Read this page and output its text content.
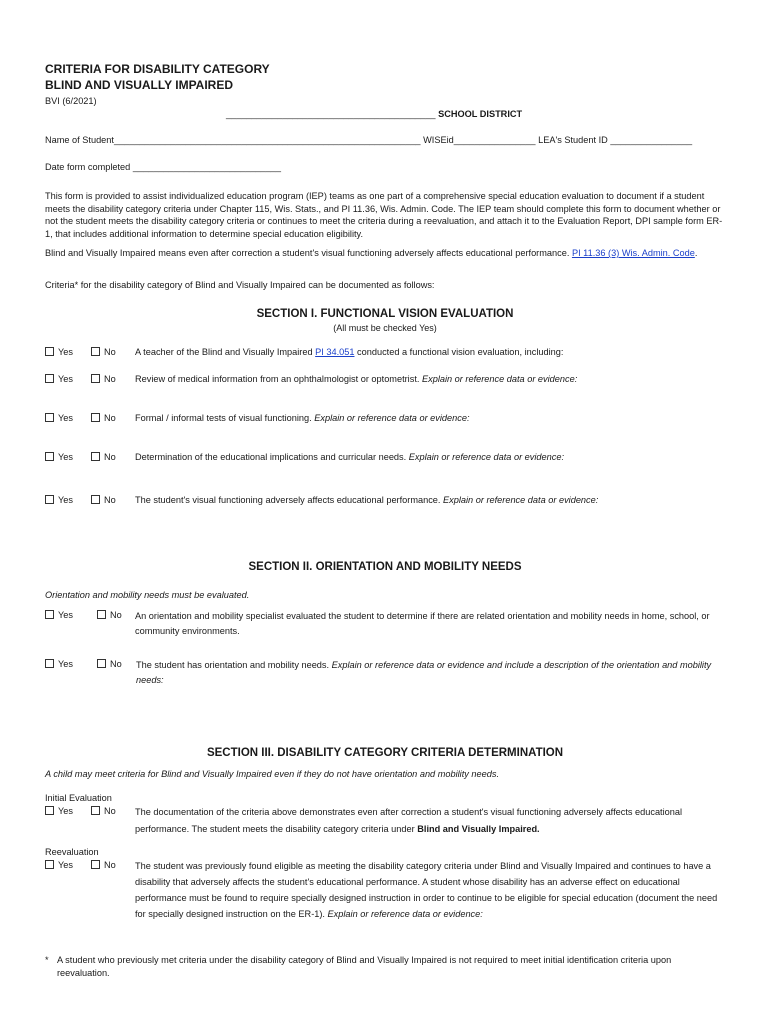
CRITERIA FOR DISABILITY CATEGORY
BLIND AND VISUALLY IMPAIRED
BVI (6/2021)
_________________________________________ SCHOOL DISTRICT
Name of Student____________________________________________________________ WISEid________________ LEA's Student ID ________________
Date form completed _____________________________
This form is provided to assist individualized education program (IEP) teams as one part of a comprehensive special education evaluation to document if a student meets the disability category criteria under Chapter 115, Wis. Stats., and PI 11.36, Wis. Admin. Code. The IEP team should complete this form to document whether or not the student meets the disability category criteria or continues to meet the criteria during a reevaluation, and attach it to the Evaluation Report, DPI sample form ER-1, that includes additional information to determine special education eligibility.
Blind and Visually Impaired means even after correction a student's visual functioning adversely affects educational performance. PI 11.36 (3) Wis. Admin. Code.
Criteria* for the disability category of Blind and Visually Impaired can be documented as follows:
SECTION I. FUNCTIONAL VISION EVALUATION
(All must be checked Yes)
Yes	No A teacher of the Blind and Visually Impaired PI 34.051 conducted a functional vision evaluation, including:
Yes	No Review of medical information from an ophthalmologist or optometrist. Explain or reference data or evidence:
Yes	No Formal / informal tests of visual functioning. Explain or reference data or evidence:
Yes	No Determination of the educational implications and curricular needs. Explain or reference data or evidence:
Yes	No The student's visual functioning adversely affects educational performance. Explain or reference data or evidence:
SECTION II. ORIENTATION AND MOBILITY NEEDS
Orientation and mobility needs must be evaluated.
Yes	No An orientation and mobility specialist evaluated the student to determine if there are related orientation and mobility needs in home, school, or community environments.
Yes	No The student has orientation and mobility needs. Explain or reference data or evidence and include a description of the orientation and mobility needs:
SECTION III. DISABILITY CATEGORY CRITERIA DETERMINATION
A child may meet criteria for Blind and Visually Impaired even if they do not have orientation and mobility needs.
Initial Evaluation
Yes	No The documentation of the criteria above demonstrates even after correction a student's visual functioning adversely affects educational performance. The student meets the disability category criteria under Blind and Visually Impaired.
Reevaluation
Yes	No The student was previously found eligible as meeting the disability category criteria under Blind and Visually Impaired and continues to have a disability that adversely affects the student's educational performance. A student whose disability has an adverse effect on educational performance must be found to require specially designed instruction in order to continue to be eligible for special education (document the need for specially designed instruction on the ER-1). Explain or reference data or evidence:
* A student who previously met criteria under the disability category of Blind and Visually Impaired is not required to meet initial identification criteria upon reevaluation.
